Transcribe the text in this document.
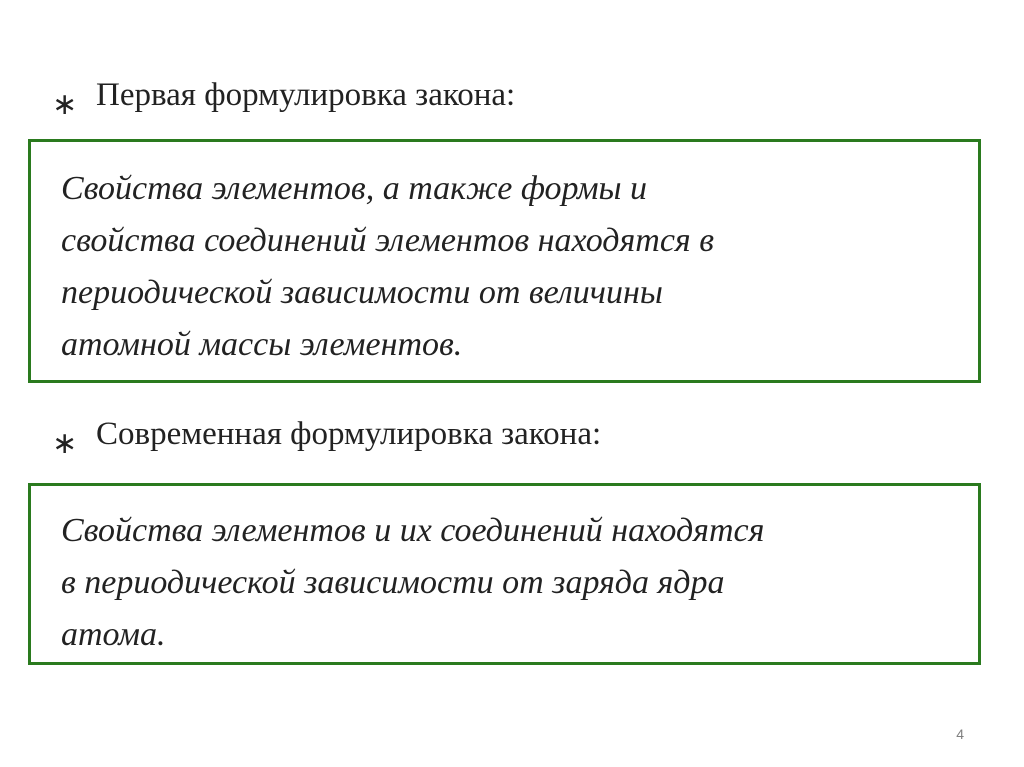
∗ Первая формулировка закона:
Свойства элементов, а также формы и
свойства соединений элементов находятся в
периодической зависимости от величины
атомной массы элементов.
∗ Современная формулировка закона:
Свойства элементов и их соединений находятся
в периодической зависимости от заряда ядра
атома.
4
